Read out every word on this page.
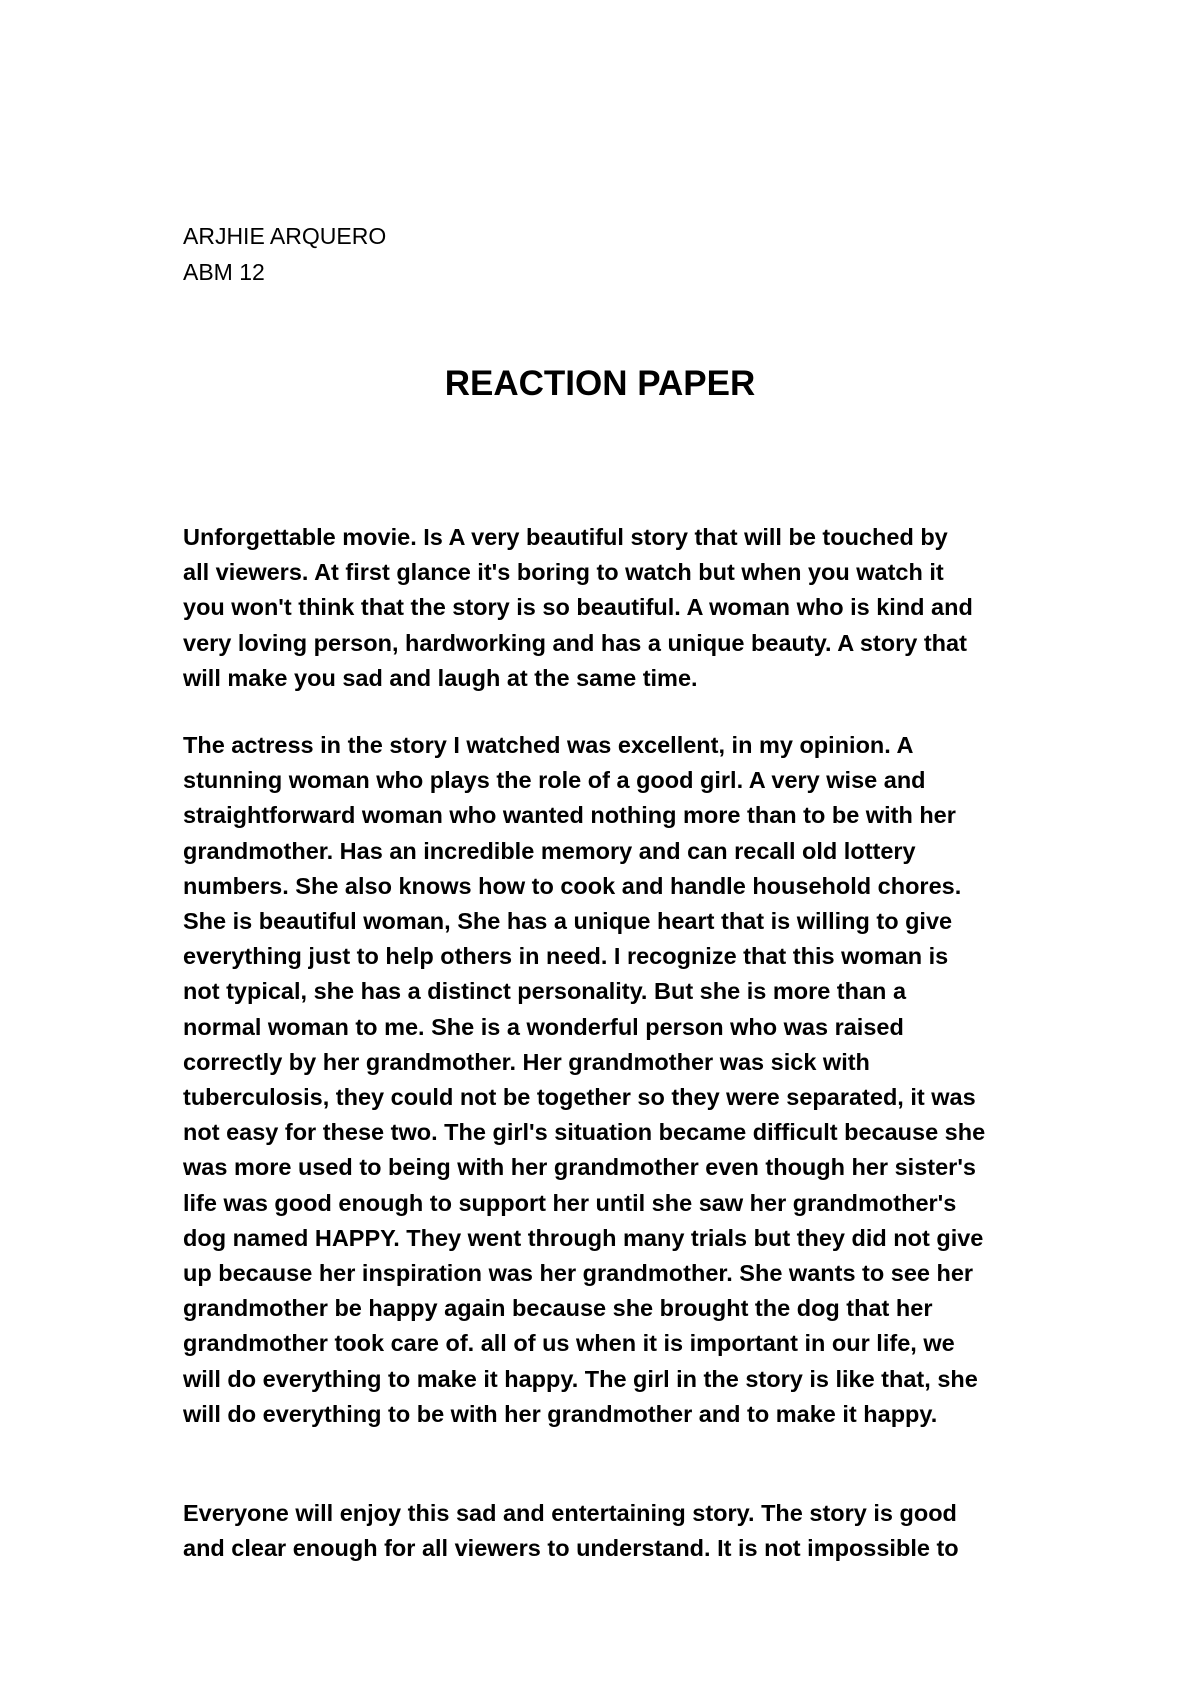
ARJHIE ARQUERO
ABM 12
REACTION PAPER
Unforgettable movie. Is A very beautiful story that will be touched by
all viewers. At first glance it's boring to watch but when you watch it
you won't think that the story is so beautiful. A woman who is kind and
very loving person, hardworking and has a unique beauty. A story that
will make you sad and laugh at the same time.
The actress in the story I watched was excellent, in my opinion. A
stunning woman who plays the role of a good girl. A very wise and
straightforward woman who wanted nothing more than to be with her
grandmother. Has an incredible memory and can recall old lottery
numbers. She also knows how to cook and handle household chores.
She is beautiful woman, She has a unique heart that is willing to give
everything just to help others in need. I recognize that this woman is
not typical, she has a distinct personality. But she is more than a
normal woman to me. She is a wonderful person who was raised
correctly by her grandmother. Her grandmother was sick with
tuberculosis, they could not be together so they were separated, it was
not easy for these two. The girl's situation became difficult because she
was more used to being with her grandmother even though her sister's
life was good enough to support her until she saw her grandmother's
dog named HAPPY. They went through many trials but they did not give
up because her inspiration was her grandmother. She wants to see her
grandmother be happy again because she brought the dog that her
grandmother took care of. all of us when it is important in our life, we
will do everything to make it happy. The girl in the story is like that, she
will do everything to be with her grandmother and to make it happy.
Everyone will enjoy this sad and entertaining story. The story is good
and clear enough for all viewers to understand. It is not impossible to
